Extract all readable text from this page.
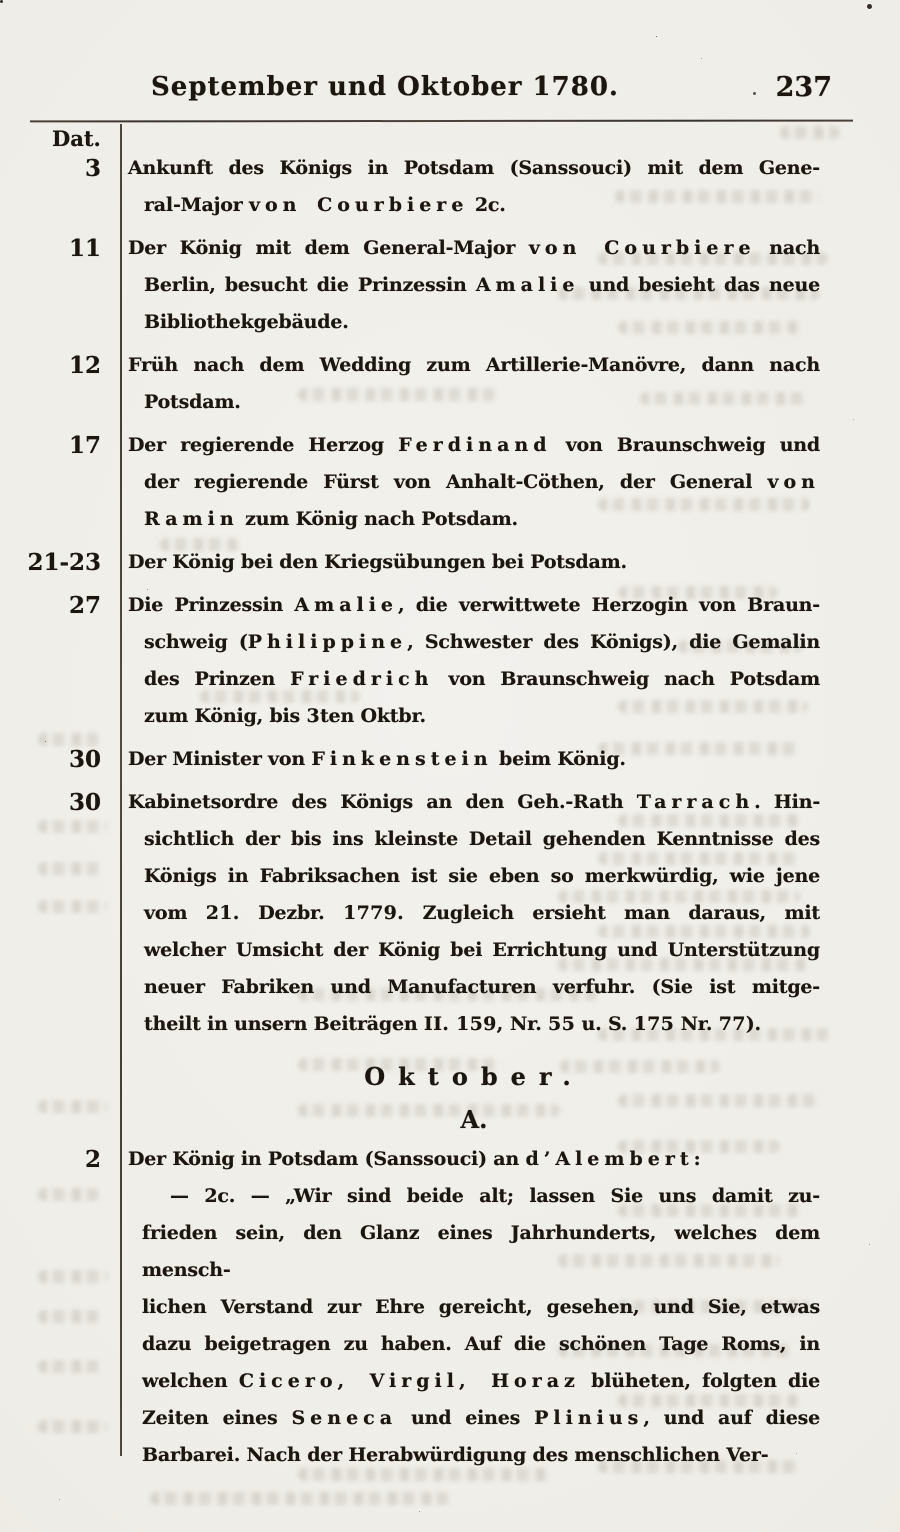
September und Oktober 1780.	237
Dat.
3	Ankunft des Königs in Potsdam (Sanssouci) mit dem Gene-
ral-Major von Courbiere 2c.
11	Der König mit dem General-Major von Courbiere nach
Berlin, besucht die Prinzessin Amalie und besieht das neue
Bibliothekgebäude.
12	Früh nach dem Wedding zum Artillerie-Manövre, dann nach
Potsdam.
17	Der regierende Herzog Ferdinand von Braunschweig und
der regierende Fürst von Anhalt-Cöthen, der General von
Ramin zum König nach Potsdam.
21-23	Der König bei den Kriegsübungen bei Potsdam.
27	Die Prinzessin Amalie, die verwittwete Herzogin von Braun-
schweig (Philippine, Schwester des Königs), die Gemalin
des Prinzen Friedrich von Braunschweig nach Potsdam
zum König, bis 3ten Oktbr.
30	Der Minister von Finkenstein beim König.
30	Kabinetsordre des Königs an den Geh.-Rath Tarrach. Hin-
sichtlich der bis ins kleinste Detail gehenden Kenntnisse des
Königs in Fabriksachen ist sie eben so merkwürdig, wie jene
vom 21. Dezbr. 1779. Zugleich ersieht man daraus, mit
welcher Umsicht der König bei Errichtung und Unterstützung
neuer Fabriken und Manufacturen verfuhr. (Sie ist mitge-
theilt in unsern Beiträgen II. 159, Nr. 55 u. S. 175 Nr. 77).
Oktober.
A.
2	Der König in Potsdam (Sanssouci) an d’Alembert:
— 2c. — „Wir sind beide alt; lassen Sie uns damit zu-
frieden sein, den Glanz eines Jahrhunderts, welches dem mensch-
lichen Verstand zur Ehre gereicht, gesehen, und Sie, etwas
dazu beigetragen zu haben. Auf die schönen Tage Roms, in
welchen Cicero, Virgil, Horaz blüheten, folgten die
Zeiten eines Seneca und eines Plinius, und auf diese
Barbarei. Nach der Herabwürdigung des menschlichen Ver-
